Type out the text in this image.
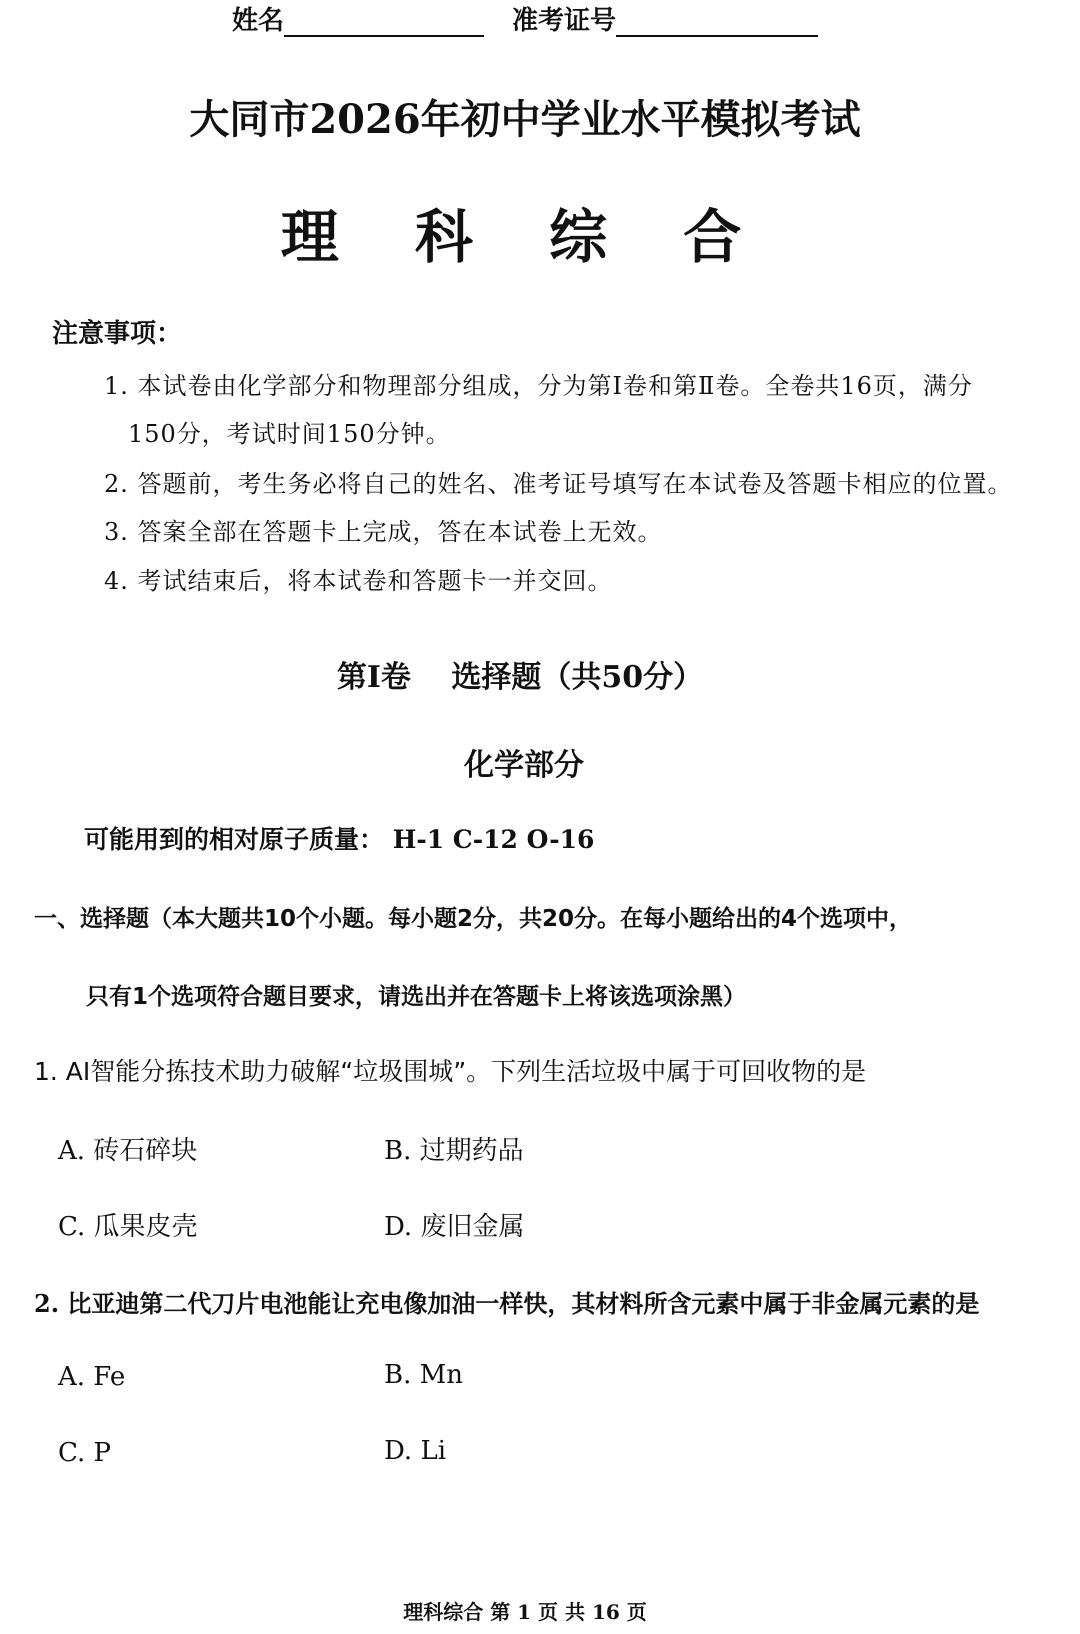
姓名	准考证号
大同市2026年初中学业水平模拟考试
理 科 综 合
注意事项：
1. 本试卷由化学部分和物理部分组成，分为第Ⅰ卷和第Ⅱ卷。全卷共16页，满分
150分，考试时间150分钟。
2. 答题前，考生务必将自己的姓名、准考证号填写在本试卷及答题卡相应的位置。
3. 答案全部在答题卡上完成，答在本试卷上无效。
4. 考试结束后，将本试卷和答题卡一并交回。
第Ⅰ卷　 选择题（共50分）
化学部分
可能用到的相对原子质量： H-1 C-12 O-16
一、选择题（本大题共10个小题。每小题2分，共20分。在每小题给出的4个选项中，
只有1个选项符合题目要求，请选出并在答题卡上将该选项涂黑）
1. AI智能分拣技术助力破解“垃圾围城”。下列生活垃圾中属于可回收物的是
A. 砖石碎块	B. 过期药品
C. 瓜果皮壳	D. 废旧金属
2. 比亚迪第二代刀片电池能让充电像加油一样快，其材料所含元素中属于非金属元素的是
A. Fe	B. Mn
C. P	D. Li
理科综合 第 1 页 共 16 页
